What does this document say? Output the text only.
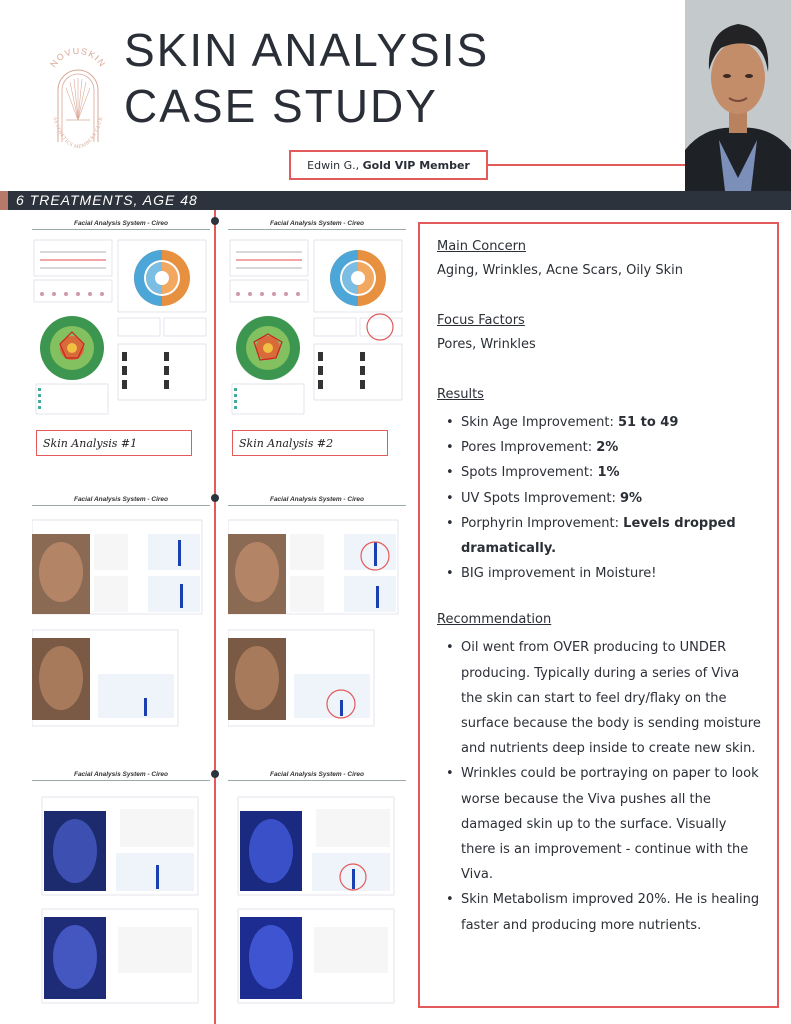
NOVUSKIN
AESTHETICS MEMBERS CLUB
SKIN ANALYSIS
CASE STUDY
Edwin G.,
Gold VIP Member
6 TREATMENTS, AGE 48
Facial Analysis System - Cireo
Skin Analysis #1
Facial Analysis System - Cireo
Skin Analysis #2
Facial Analysis System - Cireo	Facial Analysis System - Cireo
Facial Analysis System - Cireo	Facial Analysis System - Cireo
Main Concern
Aging, Wrinkles, Acne Scars, Oily Skin
Focus Factors
Pores, Wrinkles
Results
• Skin Age Improvement: 51 to 49
• Pores Improvement: 2%
• Spots Improvement: 1%
• UV Spots Improvement: 9%
• Porphyrin Improvement: Levels dropped dramatically.
• BIG improvement in Moisture!
Recommendation
• Oil went from OVER producing to UNDER producing. Typically during a series of Viva the skin can start to feel dry/flaky on the surface because the body is sending moisture and nutrients deep inside to create new skin.
• Wrinkles could be portraying on paper to look worse because the Viva pushes all the damaged skin up to the surface. Visually there is an improvement - continue with the Viva.
• Skin Metabolism improved 20%. He is healing faster and producing more nutrients.
